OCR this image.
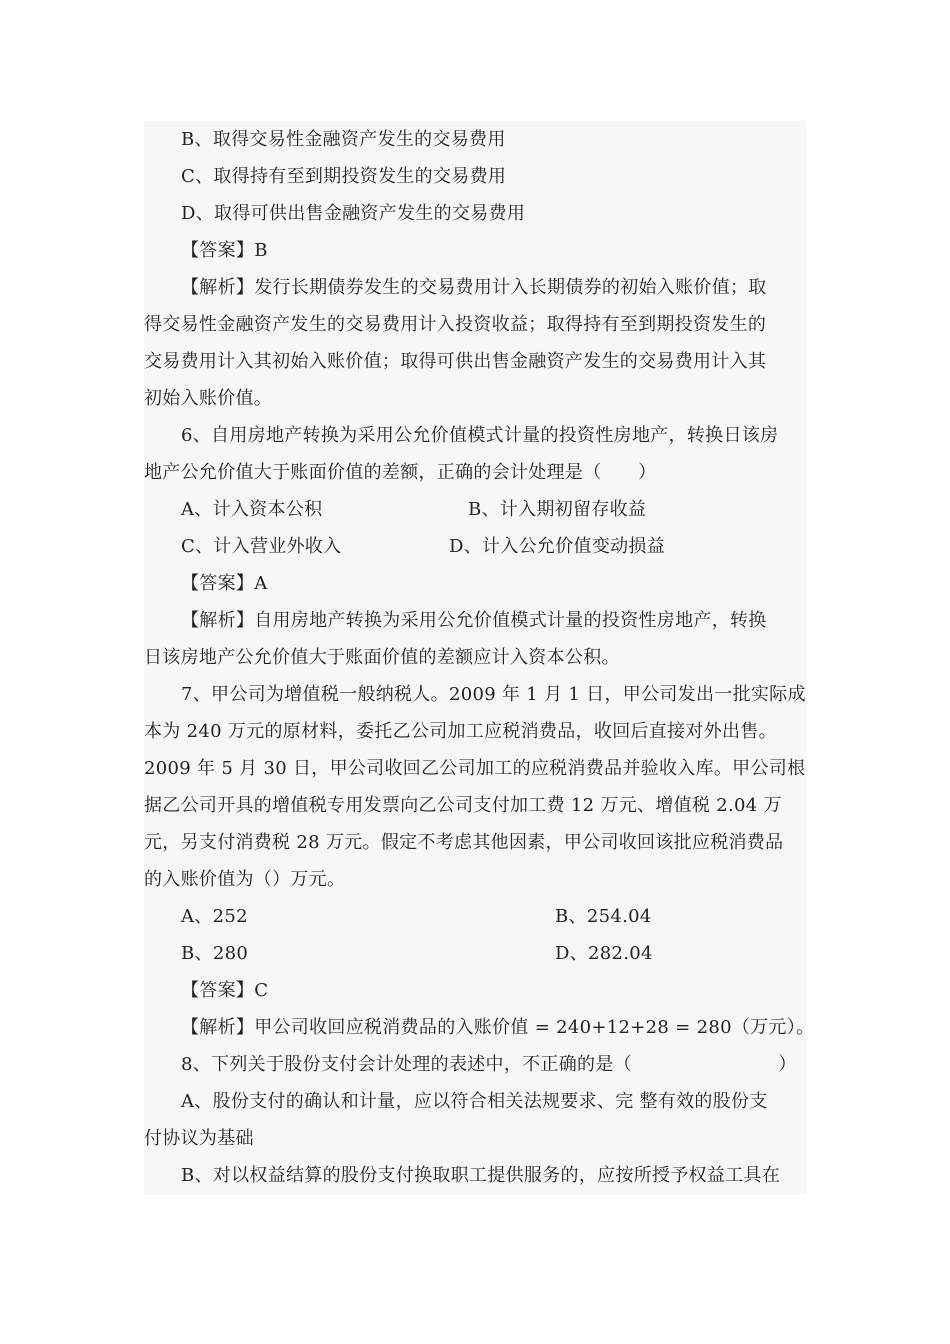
B、取得交易性金融资产发生的交易费用
C、取得持有至到期投资发生的交易费用
D、取得可供出售金融资产发生的交易费用
【答案】B
【解析】发行长期债券发生的交易费用计入长期债券的初始入账价值；取
得交易性金融资产发生的交易费用计入投资收益；取得持有至到期投资发生的
交易费用计入其初始入账价值；取得可供出售金融资产发生的交易费用计入其
初始入账价值。
6、自用房地产转换为采用公允价值模式计量的投资性房地产，转换日该房
地产公允价值大于账面价值的差额，正确的会计处理是（　　）
A、计入资本公积	B、计入期初留存收益
C、计入营业外收入	D、计入公允价值变动损益
【答案】A
【解析】自用房地产转换为采用公允价值模式计量的投资性房地产，转换
日该房地产公允价值大于账面价值的差额应计入资本公积。
7、甲公司为增值税一般纳税人。2009 年 1 月 1 日，甲公司发出一批实际成
本为 240 万元的原材料，委托乙公司加工应税消费品，收回后直接对外出售。
2009 年 5 月 30 日，甲公司收回乙公司加工的应税消费品并验收入库。甲公司根
据乙公司开具的增值税专用发票向乙公司支付加工费 12 万元、增值税 2.04 万
元，另支付消费税 28 万元。假定不考虑其他因素，甲公司收回该批应税消费品
的入账价值为（）万元。
A、252	B、254.04
B、280	D、282.04
【答案】C
【解析】甲公司收回应税消费品的入账价值 = 240+12+28 = 280（万元）。
8、下列关于股份支付会计处理的表述中，不正确的是（　　　　　　　　）
A、股份支付的确认和计量，应以符合相关法规要求、完 整有效的股份支
付协议为基础
B、对以权益结算的股份支付换取职工提供服务的，应按所授予权益工具在
